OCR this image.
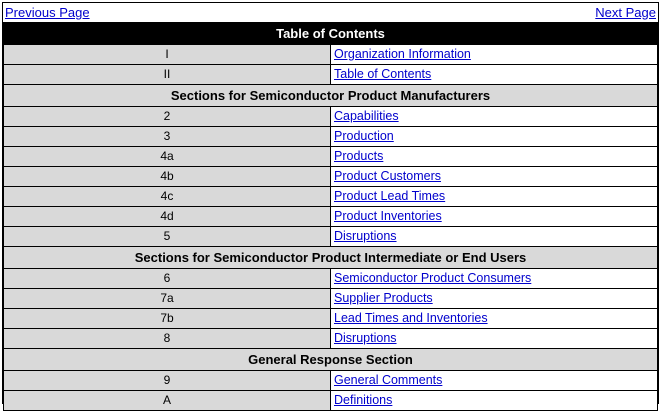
Previous Page	Next Page
Table of Contents	
I	Organization Information
II	Table of Contents
Sections for Semiconductor Product Manufacturers	
2	Capabilities
3	Production
4a	Products
4b	Product Customers
4c	Product Lead Times
4d	Product Inventories
5	Disruptions
Sections for Semiconductor Product Intermediate or End Users	
6	Semiconductor Product Consumers
7a	Supplier Products
7b	Lead Times and Inventories
8	Disruptions
General Response Section	
9	General Comments
A	Definitions
